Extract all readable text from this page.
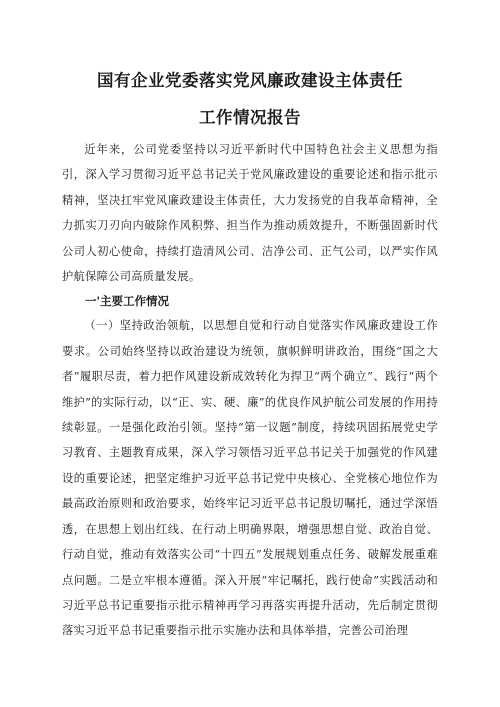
国有企业党委落实党风廉政建设主体责任
工作情况报告

近年来，公司党委坚持以习近平新时代中国特色社会主义思想为指引，深入学习贯彻习近平总书记关于党风廉政建设的重要论述和指示批示精神，坚决扛牢党风廉政建设主体责任，大力发扬党的自我革命精神，全力抓实刀刃向内破除作风积弊、担当作为推动质效提升，不断强固新时代公司人初心使命，持续打造清风公司、洁净公司、正气公司，以严实作风护航保障公司高质量发展。

一'主要工作情况

（一）坚持政治领航，以思想自觉和行动自觉落实作风廉政建设工作要求。公司始终坚持以政治建设为统领，旗帜鲜明讲政治，围绕“国之大者”履职尽责，着力把作风建设新成效转化为捍卫“两个确立”、践行“两个维护”的实际行动，以“正、实、硬、廉”的优良作风护航公司发展的作用持续彰显。一是强化政治引领。坚持“第一议题”制度，持续巩固拓展党史学习教育、主题教育成果，深入学习领悟习近平总书记关于加强党的作风建设的重要论述，把坚定维护习近平总书记党中央核心、全党核心地位作为最高政治原则和政治要求，始终牢记习近平总书记殷切嘱托，通过学深悟透，在思想上划出红线、在行动上明确界限，增强思想自觉、政治自觉、行动自觉，推动有效落实公司“十四五”发展规划重点任务、破解发展重难点问题。二是立牢根本遵循。深入开展“牢记嘱托，践行使命”实践活动和习近平总书记重要指示批示精神再学习再落实再提升活动，先后制定贯彻落实习近平总书记重要指示批示实施办法和具体举措，完善公司治理
